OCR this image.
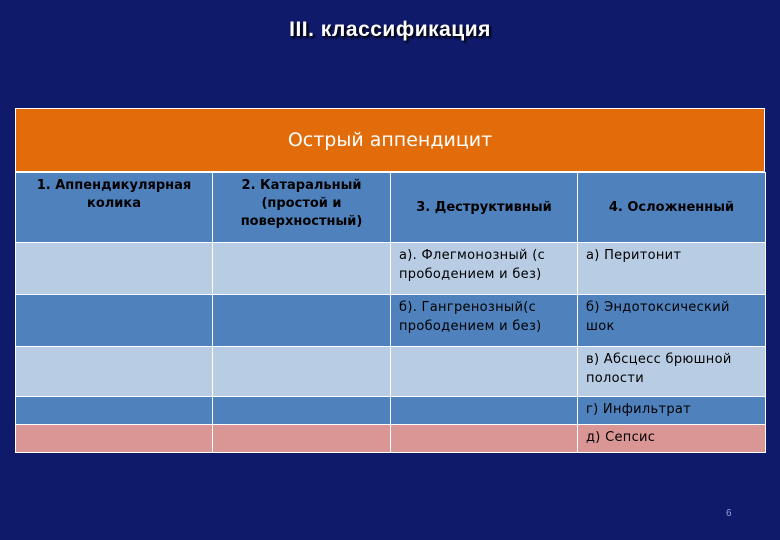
III. классификация
Острый аппендицит
1. Аппендикулярная колика	2. Катаральный (простой и поверхностный)	3. Деструктивный	4. Осложненный
		а). Флегмонозный (с прободением и без)	а) Перитонит
		б). Гангренозный(с прободением и без)	б) Эндотоксический шок
			в) Абсцесс брюшной полости
			г) Инфильтрат
			д) Сепсис
6
